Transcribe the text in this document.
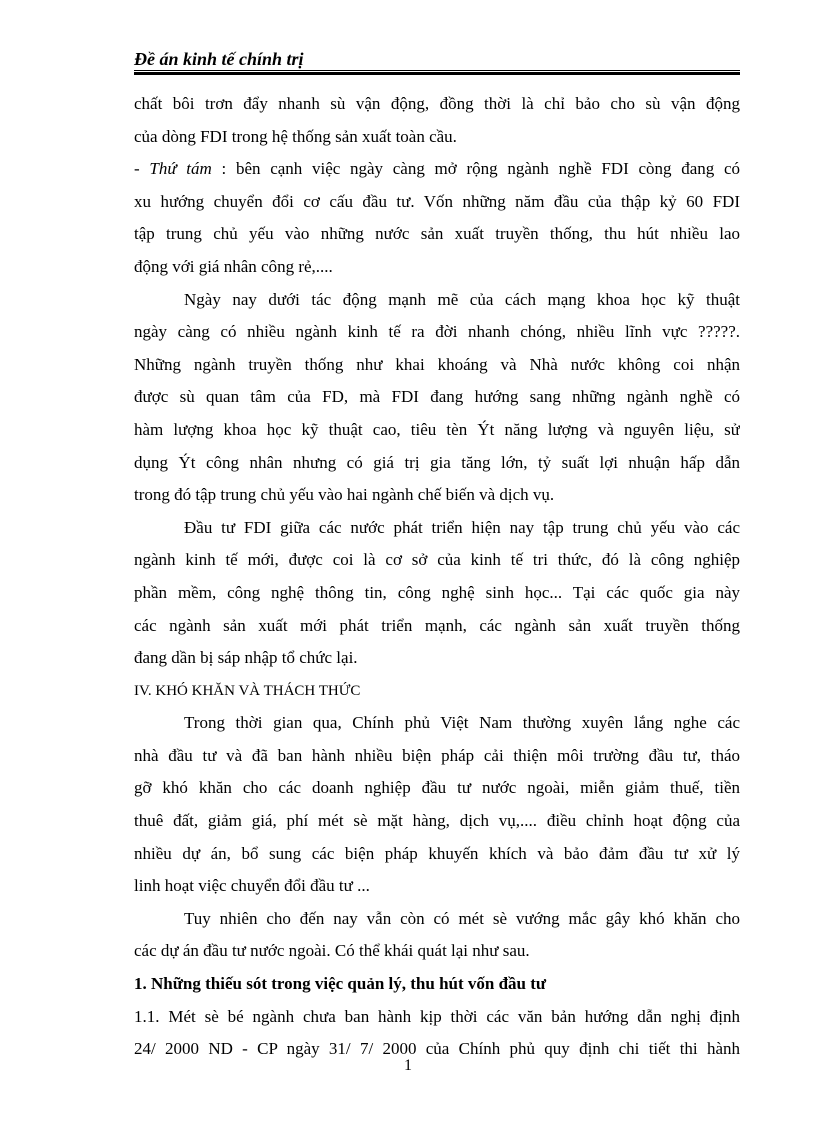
Đề án kinh tế chính trị
chất bôi trơn đẩy nhanh sù vận động, đồng thời là chỉ bảo cho sù vận động
của dòng FDI trong hệ thống sản xuất toàn cầu.
- Thứ tám : bên cạnh việc ngày càng mở rộng ngành nghề FDI còng đang có
xu hướng chuyển đổi cơ cấu đầu tư. Vốn những năm đầu của thập kỷ 60 FDI
tập trung chủ yếu vào những nước sản xuất truyền thống, thu hút nhiều lao
động với giá nhân công rẻ,....
Ngày nay dưới tác động mạnh mẽ của cách mạng khoa học kỹ thuật
ngày càng có nhiều ngành kinh tế ra đời nhanh chóng, nhiều lĩnh vực ?????.
Những ngành truyền thống như khai khoáng và Nhà nước không coi nhận
được sù quan tâm của FD, mà FDI đang hướng sang những ngành nghề có
hàm lượng khoa học kỹ thuật cao, tiêu tèn Ýt năng lượng và nguyên liệu, sử
dụng Ýt công nhân nhưng có giá trị gia tăng lớn, tỷ suất lợi nhuận hấp dẫn
trong đó tập trung chủ yếu vào hai ngành chế biến và dịch vụ.
Đầu tư FDI giữa các nước phát triển hiện nay tập trung chủ yếu vào các
ngành kinh tế mới, được coi là cơ sở của kinh tế tri thức, đó là công nghiệp
phần mềm, công nghệ thông tin, công nghệ sinh học... Tại các quốc gia này
các ngành sản xuất mới phát triển mạnh, các ngành sản xuất truyền thống
đang dần bị sáp nhập tổ chức lại.
IV. KHÓ KHĂN VÀ THÁCH THỨC
Trong thời gian qua, Chính phủ Việt Nam thường xuyên lắng nghe các
nhà đầu tư và đã ban hành nhiều biện pháp cải thiện môi trường đầu tư, tháo
gỡ khó khăn cho các doanh nghiệp đầu tư nước ngoài, miễn giảm thuế, tiền
thuê đất, giảm giá, phí mét sè mặt hàng, dịch vụ,.... điều chỉnh hoạt động của
nhiều dự án, bổ sung các biện pháp khuyến khích và bảo đảm đầu tư xử lý
linh hoạt việc chuyển đổi đầu tư ...
Tuy nhiên cho đến nay vẫn còn có mét sè vướng mắc gây khó khăn cho
các dự án đầu tư nước ngoài. Có thể khái quát lại như sau.
1. Những thiếu sót trong việc quản lý, thu hút vốn đầu tư
1.1. Mét sè bé ngành chưa ban hành kịp thời các văn bản hướng dẫn nghị định
24/ 2000 ND - CP ngày 31/ 7/ 2000 của Chính phủ quy định chi tiết thi hành
1
